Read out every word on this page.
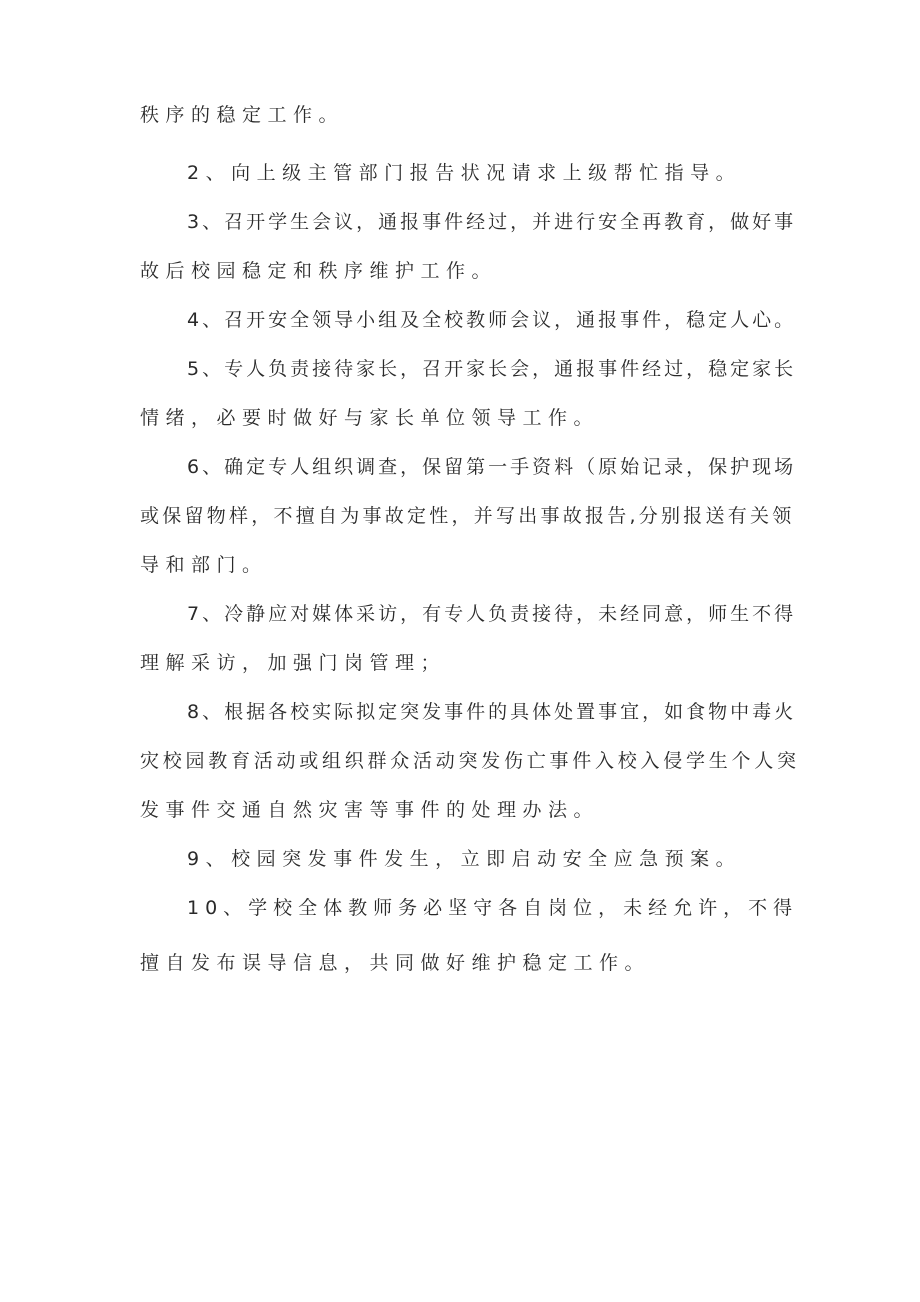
秩序的稳定工作。
2、向上级主管部门报告状况请求上级帮忙指导。
3、召开学生会议，通报事件经过，并进行安全再教育，做好事
故后校园稳定和秩序维护工作。
4、召开安全领导小组及全校教师会议，通报事件，稳定人心。
5、专人负责接待家长，召开家长会，通报事件经过，稳定家长
情绪，必要时做好与家长单位领导工作。
6、确定专人组织调查，保留第一手资料（原始记录，保护现场
或保留物样，不擅自为事故定性，并写出事故报告,分别报送有关领
导和部门。
7、冷静应对媒体采访，有专人负责接待，未经同意，师生不得
理解采访，加强门岗管理；
8、根据各校实际拟定突发事件的具体处置事宜，如食物中毒火
灾校园教育活动或组织群众活动突发伤亡事件入校入侵学生个人突
发事件交通自然灾害等事件的处理办法。
9、校园突发事件发生，立即启动安全应急预案。
10、学校全体教师务必坚守各自岗位，未经允许，不得
擅自发布误导信息，共同做好维护稳定工作。
